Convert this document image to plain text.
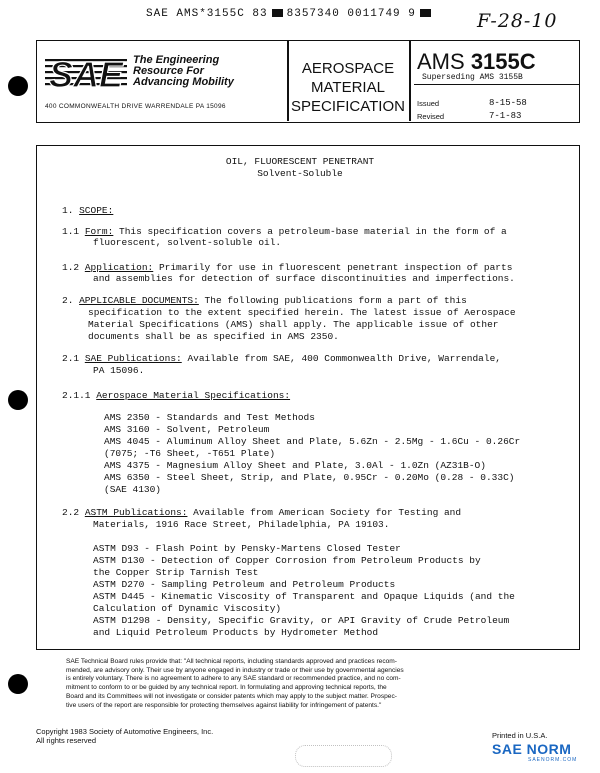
SAE AMS*3155C 83 8357340 0011749 9	F-28-10
SAE The Engineering
Resource For
Advancing Mobility
400 COMMONWEALTH DRIVE WARRENDALE PA 15096
AEROSPACE
MATERIAL
SPECIFICATION
AMS 3155C
Superseding AMS 3155B
Issued	8-15-58
Revised	7-1-83
OIL, FLUORESCENT PENETRANT
Solvent-Soluble
1. SCOPE:
1.1 Form: This specification covers a petroleum-base material in the form of a
fluorescent, solvent-soluble oil.
1.2 Application: Primarily for use in fluorescent penetrant inspection of parts
and assemblies for detection of surface discontinuities and imperfections.
2. APPLICABLE DOCUMENTS: The following publications form a part of this
specification to the extent specified herein. The latest issue of Aerospace
Material Specifications (AMS) shall apply. The applicable issue of other
documents shall be as specified in AMS 2350.
2.1 SAE Publications: Available from SAE, 400 Commonwealth Drive, Warrendale,
PA 15096.
2.1.1 Aerospace Material Specifications:
AMS 2350 - Standards and Test Methods
AMS 3160 - Solvent, Petroleum
AMS 4045 - Aluminum Alloy Sheet and Plate, 5.6Zn - 2.5Mg - 1.6Cu - 0.26Cr
(7075; -T6 Sheet, -T651 Plate)
AMS 4375 - Magnesium Alloy Sheet and Plate, 3.0Al - 1.0Zn (AZ31B-O)
AMS 6350 - Steel Sheet, Strip, and Plate, 0.95Cr - 0.20Mo (0.28 - 0.33C)
(SAE 4130)
2.2 ASTM Publications: Available from American Society for Testing and
Materials, 1916 Race Street, Philadelphia, PA 19103.
ASTM D93 - Flash Point by Pensky-Martens Closed Tester
ASTM D130 - Detection of Copper Corrosion from Petroleum Products by
the Copper Strip Tarnish Test
ASTM D270 - Sampling Petroleum and Petroleum Products
ASTM D445 - Kinematic Viscosity of Transparent and Opaque Liquids (and the
Calculation of Dynamic Viscosity)
ASTM D1298 - Density, Specific Gravity, or API Gravity of Crude Petroleum
and Liquid Petroleum Products by Hydrometer Method
SAE Technical Board rules provide that: "All technical reports, including standards approved and practices recom-
mended, are advisory only. Their use by anyone engaged in industry or trade or their use by governmental agencies
is entirely voluntary. There is no agreement to adhere to any SAE standard or recommended practice, and no com-
mitment to conform to or be guided by any technical report. In formulating and approving technical reports, the
Board and its Committees will not investigate or consider patents which may apply to the subject matter. Prospec-
tive users of the report are responsible for protecting themselves against liability for infringement of patents."
Copyright 1983 Society of Automotive Engineers, Inc.
All rights reserved
Printed in U.S.A.
SAE NORM
SAENORM.COM
